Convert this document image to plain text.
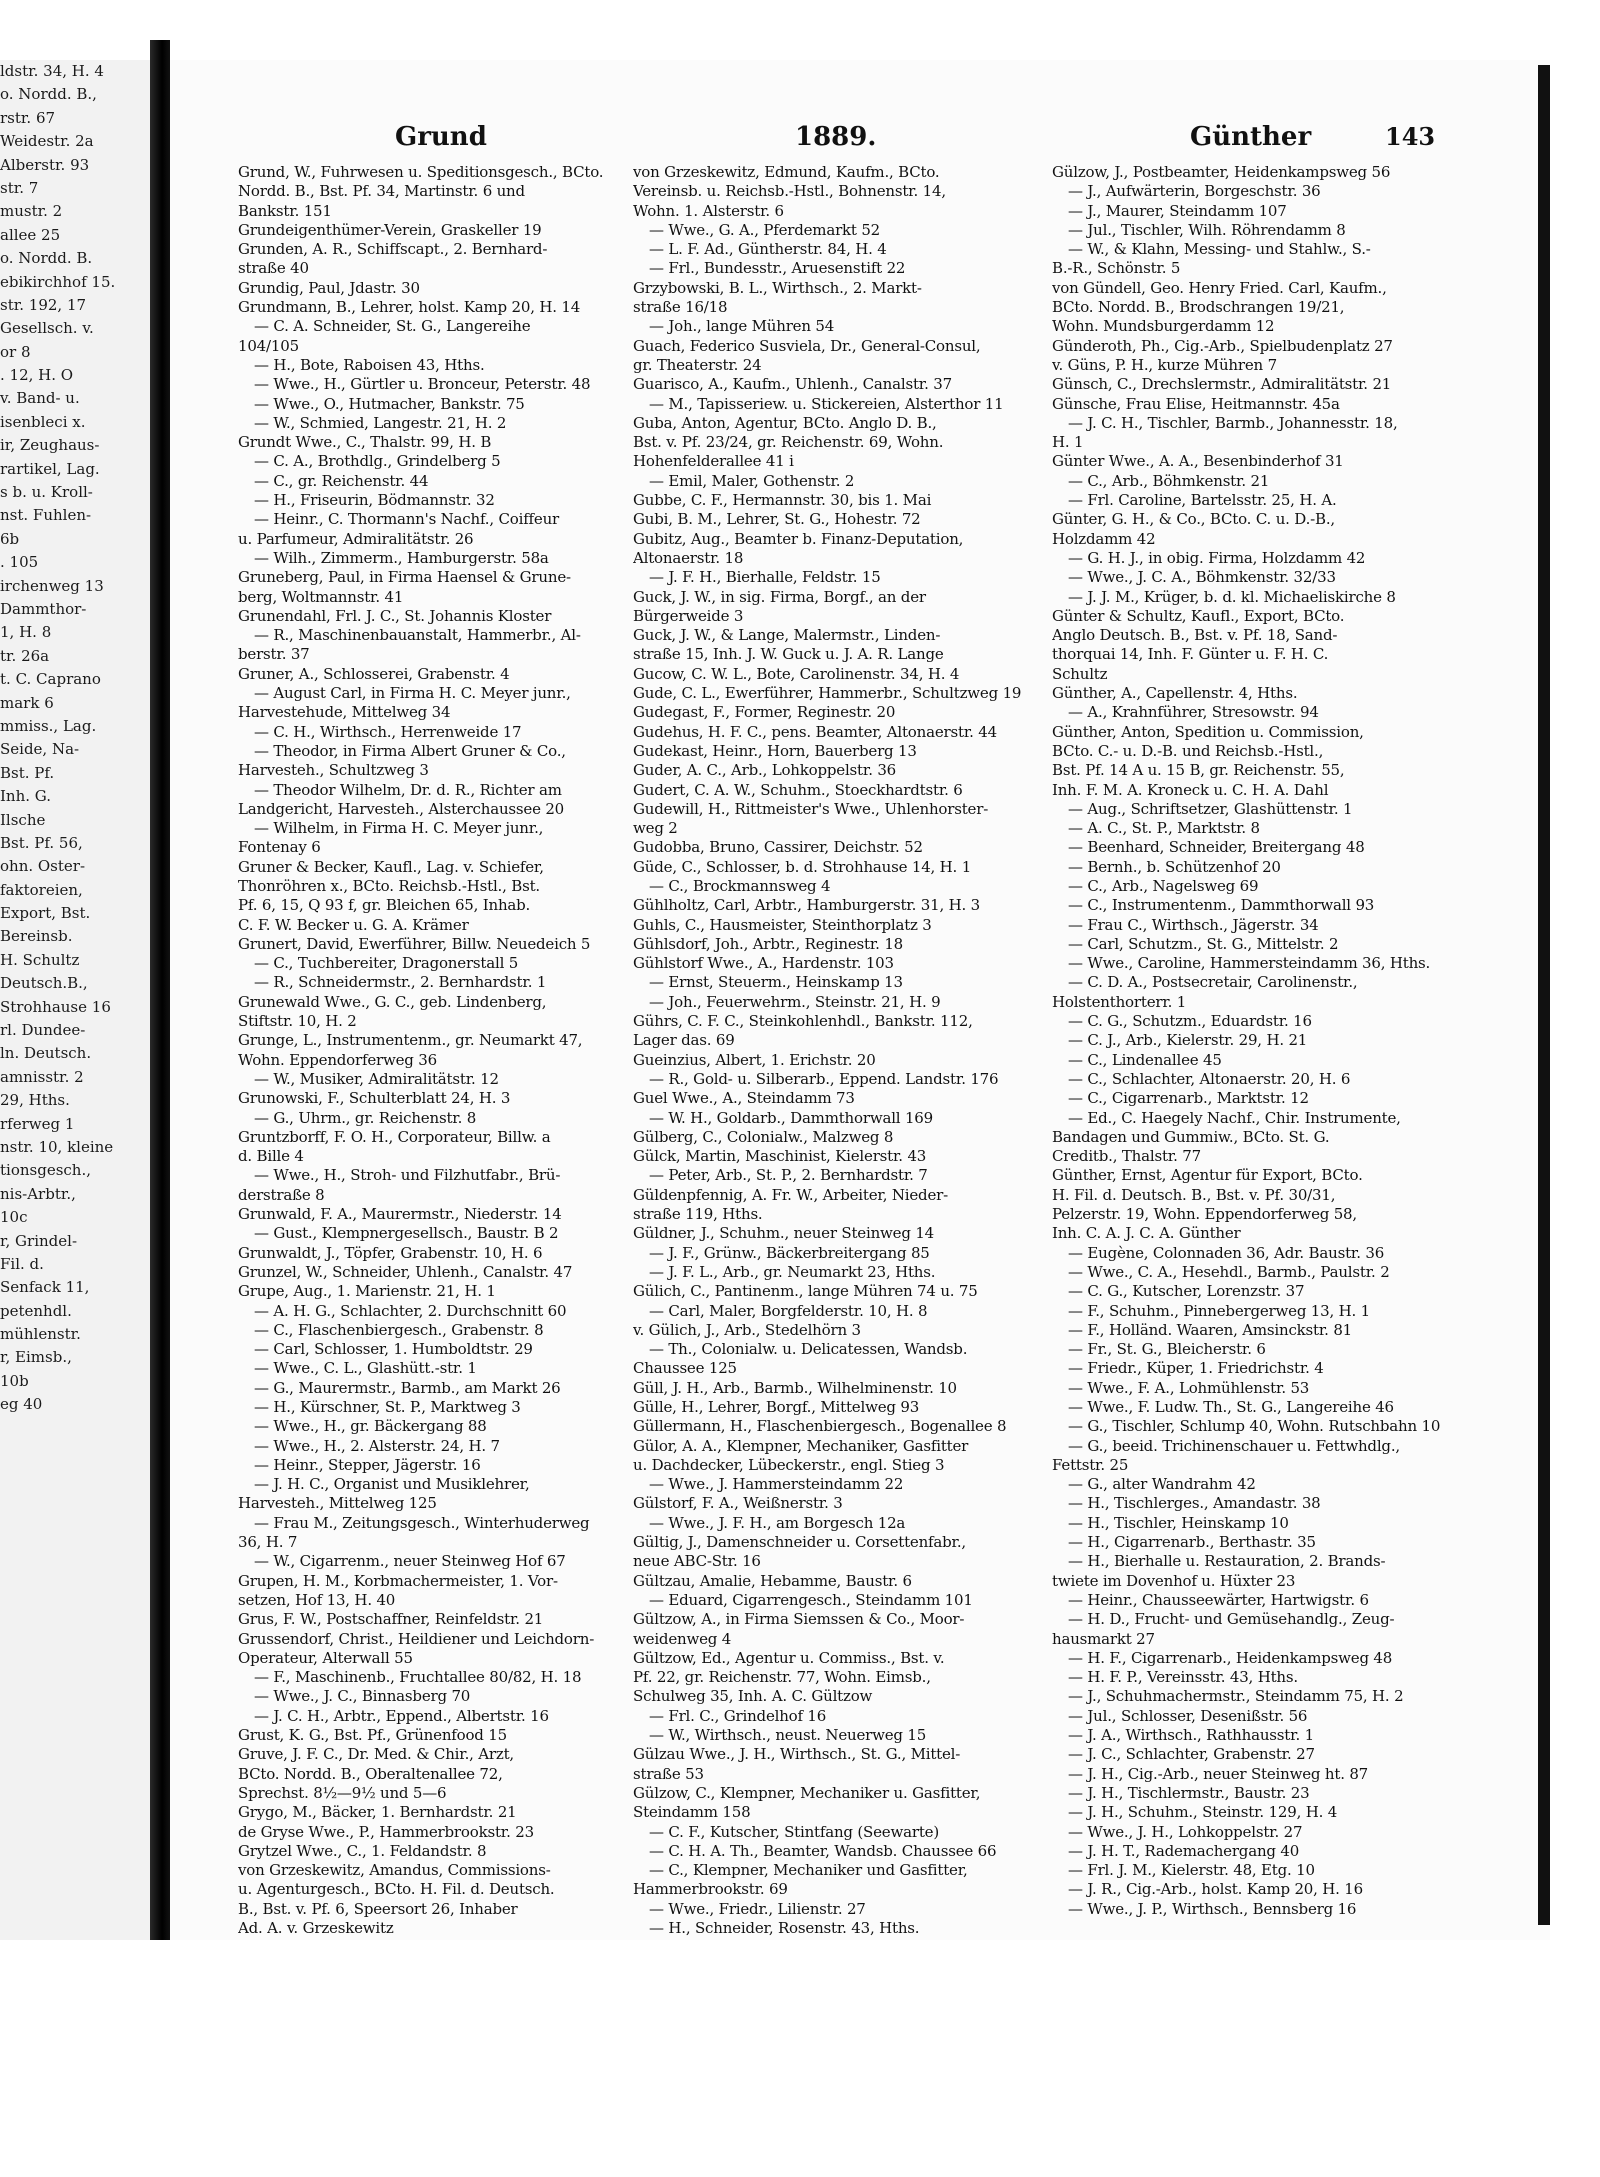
ldstr. 34, H. 4
o. Nordd. B.,
rstr. 67
Weidestr. 2a
Alberstr. 93
str. 7
mustr. 2
allee 25
o. Nordd. B.
ebikirchhof 15.
str. 192, 17
Gesellsch. v.
or 8
. 12, H. O
v. Band- u.
isenbleci x.
ir, Zeughaus-
rartikel, Lag.
s b. u. Kroll-
nst. Fuhlen-
6b
. 105
irchenweg 13
Dammthor-
1, H. 8
tr. 26a
t. C. Caprano
mark 6
mmiss., Lag.
Seide, Na-
Bst. Pf.
Inh. G.
Ilsche
Bst. Pf. 56,
ohn. Oster-
faktoreien,
Export, Bst.
Bereinsb.
H. Schultz
Deutsch.B.,
Strohhause 16
rl. Dundee-
ln. Deutsch.
amnisstr. 2
29, Hths.
rferweg 1
nstr. 10, kleine
tionsgesch.,
nis-Arbtr.,
10c
r, Grindel-
Fil. d.
Senfack 11,
petenhdl.
mühlenstr.
r, Eimsb.,
10b
eg 40
Grund	1889.	Günther	143
Grund, W., Fuhrwesen u. Speditionsgesch., BCto.
Nordd. B., Bst. Pf. 34, Martinstr. 6 und
Bankstr. 151
Grundeigenthümer-Verein, Graskeller 19
Grunden, A. R., Schiffscapt., 2. Bernhard-
straße 40
Grundig, Paul, Jdastr. 30
Grundmann, B., Lehrer, holst. Kamp 20, H. 14
— C. A. Schneider, St. G., Langereihe
104/105
— H., Bote, Raboisen 43, Hths.
— Wwe., H., Gürtler u. Bronceur, Peterstr. 48
— Wwe., O., Hutmacher, Bankstr. 75
— W., Schmied, Langestr. 21, H. 2
Grundt Wwe., C., Thalstr. 99, H. B
— C. A., Brothdlg., Grindelberg 5
— C., gr. Reichenstr. 44
— H., Friseurin, Bödmannstr. 32
— Heinr., C. Thormann's Nachf., Coiffeur
u. Parfumeur, Admiralitätstr. 26
— Wilh., Zimmerm., Hamburgerstr. 58a
Gruneberg, Paul, in Firma Haensel & Grune-
berg, Woltmannstr. 41
Grunendahl, Frl. J. C., St. Johannis Kloster
— R., Maschinenbauanstalt, Hammerbr., Al-
berstr. 37
Gruner, A., Schlosserei, Grabenstr. 4
— August Carl, in Firma H. C. Meyer junr.,
Harvestehude, Mittelweg 34
— C. H., Wirthsch., Herrenweide 17
— Theodor, in Firma Albert Gruner & Co.,
Harvesteh., Schultzweg 3
— Theodor Wilhelm, Dr. d. R., Richter am
Landgericht, Harvesteh., Alsterchaussee 20
— Wilhelm, in Firma H. C. Meyer junr.,
Fontenay 6
Gruner & Becker, Kaufl., Lag. v. Schiefer,
Thonröhren x., BCto. Reichsb.-Hstl., Bst.
Pf. 6, 15, Q 93 f, gr. Bleichen 65, Inhab.
C. F. W. Becker u. G. A. Krämer
Grunert, David, Ewerführer, Billw. Neuedeich 5
— C., Tuchbereiter, Dragonerstall 5
— R., Schneidermstr., 2. Bernhardstr. 1
Grunewald Wwe., G. C., geb. Lindenberg,
Stiftstr. 10, H. 2
Grunge, L., Instrumentenm., gr. Neumarkt 47,
Wohn. Eppendorferweg 36
— W., Musiker, Admiralitätstr. 12
Grunowski, F., Schulterblatt 24, H. 3
— G., Uhrm., gr. Reichenstr. 8
Gruntzborff, F. O. H., Corporateur, Billw. a
d. Bille 4
— Wwe., H., Stroh- und Filzhutfabr., Brü-
derstraße 8
Grunwald, F. A., Maurermstr., Niederstr. 14
— Gust., Klempnergesellsch., Baustr. B 2
Grunwaldt, J., Töpfer, Grabenstr. 10, H. 6
Grunzel, W., Schneider, Uhlenh., Canalstr. 47
Grupe, Aug., 1. Marienstr. 21, H. 1
— A. H. G., Schlachter, 2. Durchschnitt 60
— C., Flaschenbiergesch., Grabenstr. 8
— Carl, Schlosser, 1. Humboldtstr. 29
— Wwe., C. L., Glashütt.-str. 1
— G., Maurermstr., Barmb., am Markt 26
— H., Kürschner, St. P., Marktweg 3
— Wwe., H., gr. Bäckergang 88
— Wwe., H., 2. Alsterstr. 24, H. 7
— Heinr., Stepper, Jägerstr. 16
— J. H. C., Organist und Musiklehrer,
Harvesteh., Mittelweg 125
— Frau M., Zeitungsgesch., Winterhuderweg
36, H. 7
— W., Cigarrenm., neuer Steinweg Hof 67
Grupen, H. M., Korbmachermeister, 1. Vor-
setzen, Hof 13, H. 40
Grus, F. W., Postschaffner, Reinfeldstr. 21
Grussendorf, Christ., Heildiener und Leichdorn-
Operateur, Alterwall 55
— F., Maschinenb., Fruchtallee 80/82, H. 18
— Wwe., J. C., Binnasberg 70
— J. C. H., Arbtr., Eppend., Albertstr. 16
Grust, K. G., Bst. Pf., Grünenfood 15
Gruve, J. F. C., Dr. Med. & Chir., Arzt,
BCto. Nordd. B., Oberaltenallee 72,
Sprechst. 8½—9½ und 5—6
Grygo, M., Bäcker, 1. Bernhardstr. 21
de Gryse Wwe., P., Hammerbrookstr. 23
Grytzel Wwe., C., 1. Feldandstr. 8
von Grzeskewitz, Amandus, Commissions-
u. Agenturgesch., BCto. H. Fil. d. Deutsch.
B., Bst. v. Pf. 6, Speersort 26, Inhaber
Ad. A. v. Grzeskewitz
von Grzeskewitz, Edmund, Kaufm., BCto.
Vereinsb. u. Reichsb.-Hstl., Bohnenstr. 14,
Wohn. 1. Alsterstr. 6
— Wwe., G. A., Pferdemarkt 52
— L. F. Ad., Güntherstr. 84, H. 4
— Frl., Bundesstr., Aruesenstift 22
Grzybowski, B. L., Wirthsch., 2. Markt-
straße 16/18
— Joh., lange Mühren 54
Guach, Federico Susviela, Dr., General-Consul,
gr. Theaterstr. 24
Guarisco, A., Kaufm., Uhlenh., Canalstr. 37
— M., Tapisseriew. u. Stickereien, Alsterthor 11
Guba, Anton, Agentur, BCto. Anglo D. B.,
Bst. v. Pf. 23/24, gr. Reichenstr. 69, Wohn.
Hohenfelderallee 41 i
— Emil, Maler, Gothenstr. 2
Gubbe, C. F., Hermannstr. 30, bis 1. Mai
Gubi, B. M., Lehrer, St. G., Hohestr. 72
Gubitz, Aug., Beamter b. Finanz-Deputation,
Altonaerstr. 18
— J. F. H., Bierhalle, Feldstr. 15
Guck, J. W., in sig. Firma, Borgf., an der
Bürgerweide 3
Guck, J. W., & Lange, Malermstr., Linden-
straße 15, Inh. J. W. Guck u. J. A. R. Lange
Gucow, C. W. L., Bote, Carolinenstr. 34, H. 4
Gude, C. L., Ewerführer, Hammerbr., Schultzweg 19
Gudegast, F., Former, Reginestr. 20
Gudehus, H. F. C., pens. Beamter, Altonaerstr. 44
Gudekast, Heinr., Horn, Bauerberg 13
Guder, A. C., Arb., Lohkoppelstr. 36
Gudert, C. A. W., Schuhm., Stoeckhardtstr. 6
Gudewill, H., Rittmeister's Wwe., Uhlenhorster-
weg 2
Gudobba, Bruno, Cassirer, Deichstr. 52
Güde, C., Schlosser, b. d. Strohhause 14, H. 1
— C., Brockmannsweg 4
Gühlholtz, Carl, Arbtr., Hamburgerstr. 31, H. 3
Guhls, C., Hausmeister, Steinthorplatz 3
Gühlsdorf, Joh., Arbtr., Reginestr. 18
Gühlstorf Wwe., A., Hardenstr. 103
— Ernst, Steuerm., Heinskamp 13
— Joh., Feuerwehrm., Steinstr. 21, H. 9
Gührs, C. F. C., Steinkohlenhdl., Bankstr. 112,
Lager das. 69
Gueinzius, Albert, 1. Erichstr. 20
— R., Gold- u. Silberarb., Eppend. Landstr. 176
Guel Wwe., A., Steindamm 73
— W. H., Goldarb., Dammthorwall 169
Gülberg, C., Colonialw., Malzweg 8
Gülck, Martin, Maschinist, Kielerstr. 43
— Peter, Arb., St. P., 2. Bernhardstr. 7
Güldenpfennig, A. Fr. W., Arbeiter, Nieder-
straße 119, Hths.
Güldner, J., Schuhm., neuer Steinweg 14
— J. F., Grünw., Bäckerbreitergang 85
— J. F. L., Arb., gr. Neumarkt 23, Hths.
Gülich, C., Pantinenm., lange Mühren 74 u. 75
— Carl, Maler, Borgfelderstr. 10, H. 8
v. Gülich, J., Arb., Stedelhörn 3
— Th., Colonialw. u. Delicatessen, Wandsb.
Chaussee 125
Güll, J. H., Arb., Barmb., Wilhelminenstr. 10
Gülle, H., Lehrer, Borgf., Mittelweg 93
Güllermann, H., Flaschenbiergesch., Bogenallee 8
Gülor, A. A., Klempner, Mechaniker, Gasfitter
u. Dachdecker, Lübeckerstr., engl. Stieg 3
— Wwe., J. Hammersteindamm 22
Gülstorf, F. A., Weißnerstr. 3
— Wwe., J. F. H., am Borgesch 12a
Gültig, J., Damenschneider u. Corsettenfabr.,
neue ABC-Str. 16
Gültzau, Amalie, Hebamme, Baustr. 6
— Eduard, Cigarrengesch., Steindamm 101
Gültzow, A., in Firma Siemssen & Co., Moor-
weidenweg 4
Gültzow, Ed., Agentur u. Commiss., Bst. v.
Pf. 22, gr. Reichenstr. 77, Wohn. Eimsb.,
Schulweg 35, Inh. A. C. Gültzow
— Frl. C., Grindelhof 16
— W., Wirthsch., neust. Neuerweg 15
Gülzau Wwe., J. H., Wirthsch., St. G., Mittel-
straße 53
Gülzow, C., Klempner, Mechaniker u. Gasfitter,
Steindamm 158
— C. F., Kutscher, Stintfang (Seewarte)
— C. H. A. Th., Beamter, Wandsb. Chaussee 66
— C., Klempner, Mechaniker und Gasfitter,
Hammerbrookstr. 69
— Wwe., Friedr., Lilienstr. 27
— H., Schneider, Rosenstr. 43, Hths.
Gülzow, J., Postbeamter, Heidenkampsweg 56
— J., Aufwärterin, Borgeschstr. 36
— J., Maurer, Steindamm 107
— Jul., Tischler, Wilh. Röhrendamm 8
— W., & Klahn, Messing- und Stahlw., S.-
B.-R., Schönstr. 5
von Gündell, Geo. Henry Fried. Carl, Kaufm.,
BCto. Nordd. B., Brodschrangen 19/21,
Wohn. Mundsburgerdamm 12
Günderoth, Ph., Cig.-Arb., Spielbudenplatz 27
v. Güns, P. H., kurze Mühren 7
Günsch, C., Drechslermstr., Admiralitätstr. 21
Günsche, Frau Elise, Heitmannstr. 45a
— J. C. H., Tischler, Barmb., Johannesstr. 18,
H. 1
Günter Wwe., A. A., Besenbinderhof 31
— C., Arb., Böhmkenstr. 21
— Frl. Caroline, Bartelsstr. 25, H. A.
Günter, G. H., & Co., BCto. C. u. D.-B.,
Holzdamm 42
— G. H. J., in obig. Firma, Holzdamm 42
— Wwe., J. C. A., Böhmkenstr. 32/33
— J. J. M., Krüger, b. d. kl. Michaeliskirche 8
Günter & Schultz, Kaufl., Export, BCto.
Anglo Deutsch. B., Bst. v. Pf. 18, Sand-
thorquai 14, Inh. F. Günter u. F. H. C.
Schultz
Günther, A., Capellenstr. 4, Hths.
— A., Krahnführer, Stresowstr. 94
Günther, Anton, Spedition u. Commission,
BCto. C.- u. D.-B. und Reichsb.-Hstl.,
Bst. Pf. 14 A u. 15 B, gr. Reichenstr. 55,
Inh. F. M. A. Kroneck u. C. H. A. Dahl
— Aug., Schriftsetzer, Glashüttenstr. 1
— A. C., St. P., Marktstr. 8
— Beenhard, Schneider, Breitergang 48
— Bernh., b. Schützenhof 20
— C., Arb., Nagelsweg 69
— C., Instrumentenm., Dammthorwall 93
— Frau C., Wirthsch., Jägerstr. 34
— Carl, Schutzm., St. G., Mittelstr. 2
— Wwe., Caroline, Hammersteindamm 36, Hths.
— C. D. A., Postsecretair, Carolinenstr.,
Holstenthorterr. 1
— C. G., Schutzm., Eduardstr. 16
— C. J., Arb., Kielerstr. 29, H. 21
— C., Lindenallee 45
— C., Schlachter, Altonaerstr. 20, H. 6
— C., Cigarrenarb., Marktstr. 12
— Ed., C. Haegely Nachf., Chir. Instrumente,
Bandagen und Gummiw., BCto. St. G.
Creditb., Thalstr. 77
Günther, Ernst, Agentur für Export, BCto.
H. Fil. d. Deutsch. B., Bst. v. Pf. 30/31,
Pelzerstr. 19, Wohn. Eppendorferweg 58,
Inh. C. A. J. C. A. Günther
— Eugène, Colonnaden 36, Adr. Baustr. 36
— Wwe., C. A., Hesehdl., Barmb., Paulstr. 2
— C. G., Kutscher, Lorenzstr. 37
— F., Schuhm., Pinnebergerweg 13, H. 1
— F., Holländ. Waaren, Amsinckstr. 81
— Fr., St. G., Bleicherstr. 6
— Friedr., Küper, 1. Friedrichstr. 4
— Wwe., F. A., Lohmühlenstr. 53
— Wwe., F. Ludw. Th., St. G., Langereihe 46
— G., Tischler, Schlump 40, Wohn. Rutschbahn 10
— G., beeid. Trichinenschauer u. Fettwhdlg.,
Fettstr. 25
— G., alter Wandrahm 42
— H., Tischlerges., Amandastr. 38
— H., Tischler, Heinskamp 10
— H., Cigarrenarb., Berthastr. 35
— H., Bierhalle u. Restauration, 2. Brands-
twiete im Dovenhof u. Hüxter 23
— Heinr., Chausseewärter, Hartwigstr. 6
— H. D., Frucht- und Gemüsehandlg., Zeug-
hausmarkt 27
— H. F., Cigarrenarb., Heidenkampsweg 48
— H. F. P., Vereinsstr. 43, Hths.
— J., Schuhmachermstr., Steindamm 75, H. 2
— Jul., Schlosser, Desenißstr. 56
— J. A., Wirthsch., Rathhausstr. 1
— J. C., Schlachter, Grabenstr. 27
— J. H., Cig.-Arb., neuer Steinweg ht. 87
— J. H., Tischlermstr., Baustr. 23
— J. H., Schuhm., Steinstr. 129, H. 4
— Wwe., J. H., Lohkoppelstr. 27
— J. H. T., Rademachergang 40
— Frl. J. M., Kielerstr. 48, Etg. 10
— J. R., Cig.-Arb., holst. Kamp 20, H. 16
— Wwe., J. P., Wirthsch., Bennsberg 16
